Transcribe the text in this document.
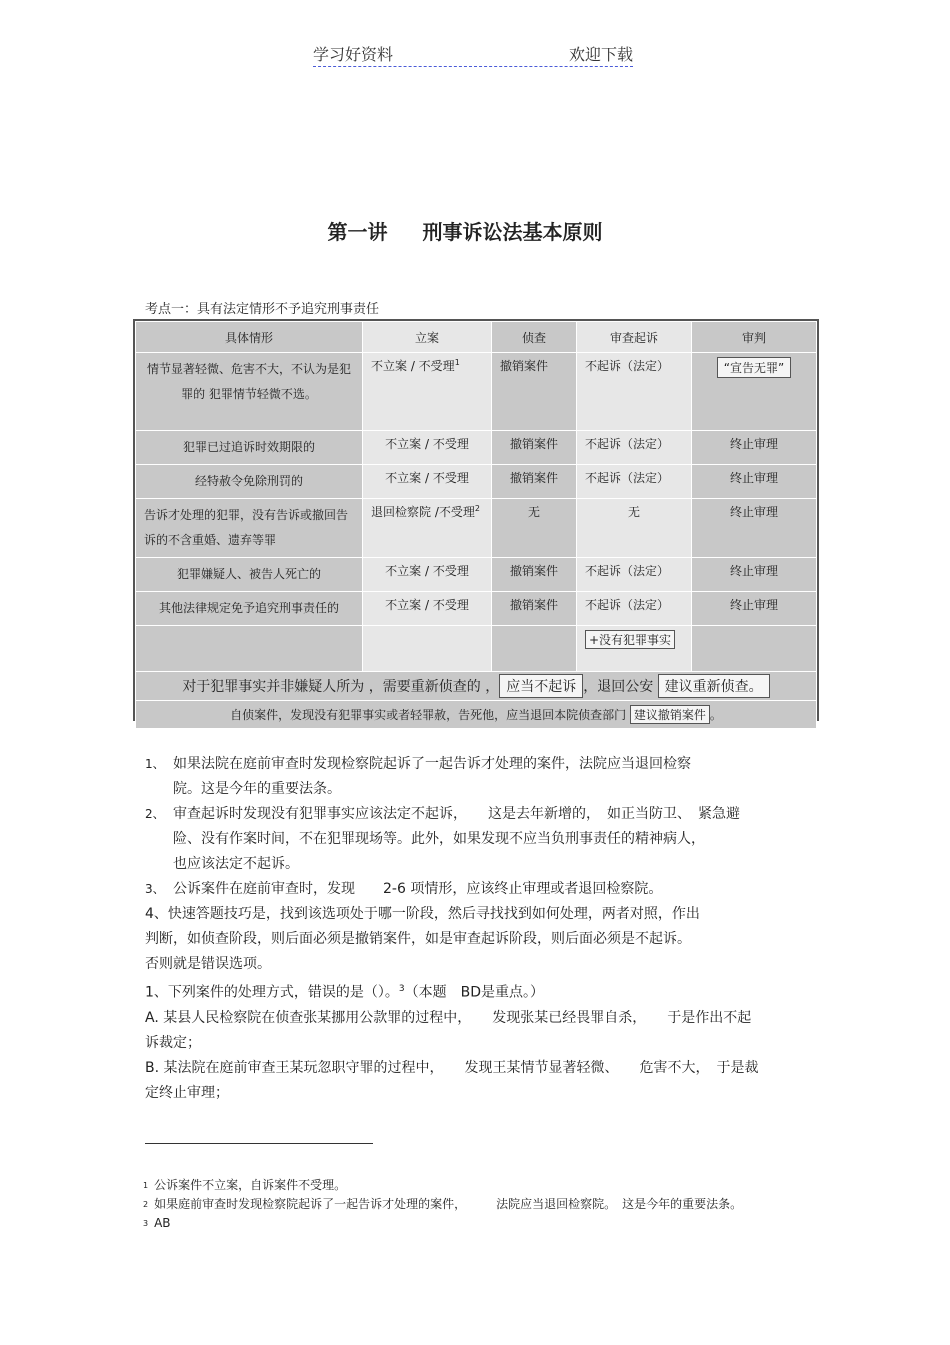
学习好资料	欢迎下载
第一讲 刑事诉讼法基本原则
考点一：具有法定情形不予追究刑事责任
具体情形	立案	侦查	审查起诉	审判
情节显著轻微、危害不大，不认为是犯罪的 犯罪情节轻微不选。	不立案 / 不受理$^1$	撤销案件	不起诉（法定）	“宣告无罪”
犯罪已过追诉时效期限的	不立案 / 不受理	撤销案件	不起诉（法定）	终止审理
经特赦令免除刑罚的	不立案 / 不受理	撤销案件	不起诉（法定）	终止审理
告诉才处理的犯罪，没有告诉或撤回告诉的不含重婚、遗弃等罪	退回检察院 /不受理$^2$	无	无	终止审理
犯罪嫌疑人、被告人死亡的	不立案 / 不受理	撤销案件	不起诉（法定）	终止审理
其他法律规定免予追究刑事责任的	不立案 / 不受理	撤销案件	不起诉（法定）	终止审理
			+没有犯罪事实	
对于犯罪事实并非嫌疑人所为 ，需要重新侦查的 ， 应当不起诉 ，退回公安 建议重新侦查。				
自侦案件，发现没有犯罪事实或者轻罪赦，告死他，应当退回本院侦查部门 建议撤销案件 。				

1、 如果法院在庭前审查时发现检察院起诉了一起告诉才处理的案件，法院应当退回检察

院。这是今年的重要法条。

2、 审查起诉时发现没有犯罪事实应该法定不起诉，　　这是去年新增的，　如正当防卫、　紧急避

险、没有作案时间，不在犯罪现场等。此外，如果发现不应当负刑事责任的精神病人，

也应该法定不起诉。

3、 公诉案件在庭前审查时，发现　　2-6 项情形，应该终止审理或者退回检察院。

4、快速答题技巧是，找到该选项处于哪一阶段，然后寻找找到如何处理，两者对照，作出

判断，如侦查阶段，则后面必须是撤销案件，如是审查起诉阶段，则后面必须是不起诉。

否则就是错误选项。

1、下列案件的处理方式，错误的是（）。$^3$（本题　BD是重点。）

A. 某县人民检察院在侦查张某挪用公款罪的过程中，　　发现张某已经畏罪自杀，　　于是作出不起

诉裁定；

B. 某法院在庭前审查王某玩忽职守罪的过程中，　　发现王某情节显著轻微、　　危害不大，　于是裁

定终止审理；

$^1$ 公诉案件不立案，自诉案件不受理。
$^2$ 如果庭前审查时发现检察院起诉了一起告诉才处理的案件，　　　法院应当退回检察院。　这是今年的重要法条。
$^3$ AB
